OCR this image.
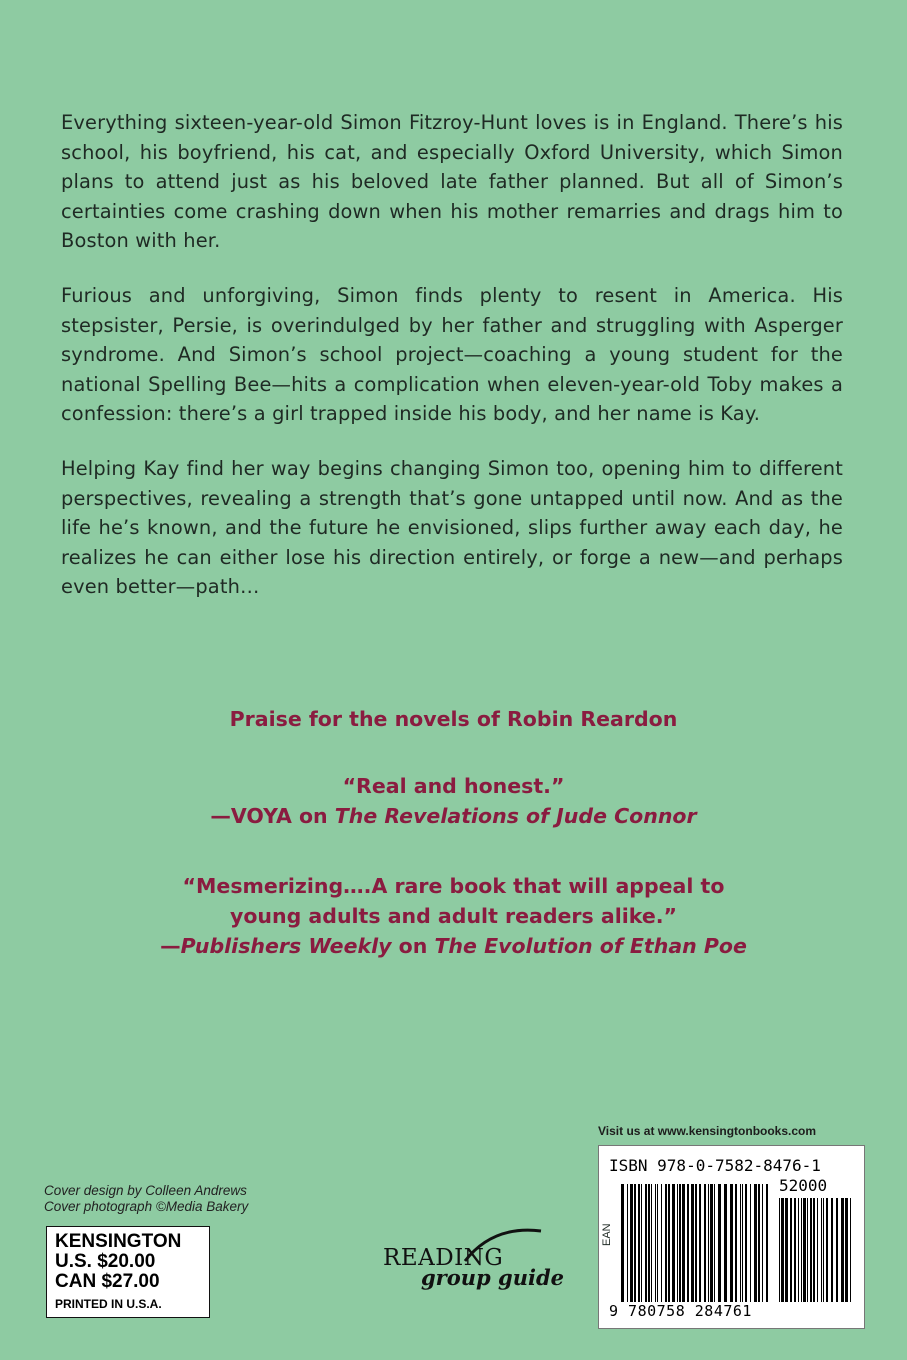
Everything sixteen-year-old Simon Fitzroy-Hunt loves is in England. There’s his school, his boyfriend, his cat, and especially Oxford University, which Simon plans to attend just as his beloved late father planned. But all of Simon’s certainties come crashing down when his mother remarries and drags him to Boston with her.

Furious and unforgiving, Simon finds plenty to resent in America. His stepsister, Persie, is overindulged by her father and struggling with Asperger syndrome. And Simon’s school project—coaching a young student for the national Spelling Bee—hits a complication when eleven-year-old Toby makes a confession: there’s a girl trapped inside his body, and her name is Kay.

Helping Kay find her way begins changing Simon too, opening him to different perspectives, revealing a strength that’s gone untapped until now. And as the life he’s known, and the future he envisioned, slips further away each day, he realizes he can either lose his direction entirely, or forge a new—and perhaps even better—path…

Praise for the novels of Robin Reardon
“Real and honest.”
—VOYA on The Revelations of Jude Connor
“Mesmerizing….A rare book that will appeal to
young adults and adult readers alike.”
—Publishers Weekly on The Evolution of Ethan Poe
Visit us at www.kensingtonbooks.com
Cover design by Colleen Andrews
Cover photograph ©Media Bakery
KENSINGTON
U.S. $20.00
CAN $27.00
PRINTED IN U.S.A.
READING
group guide
ISBN 978-0-7582-8476-1
52000
EAN
9 780758 284761
